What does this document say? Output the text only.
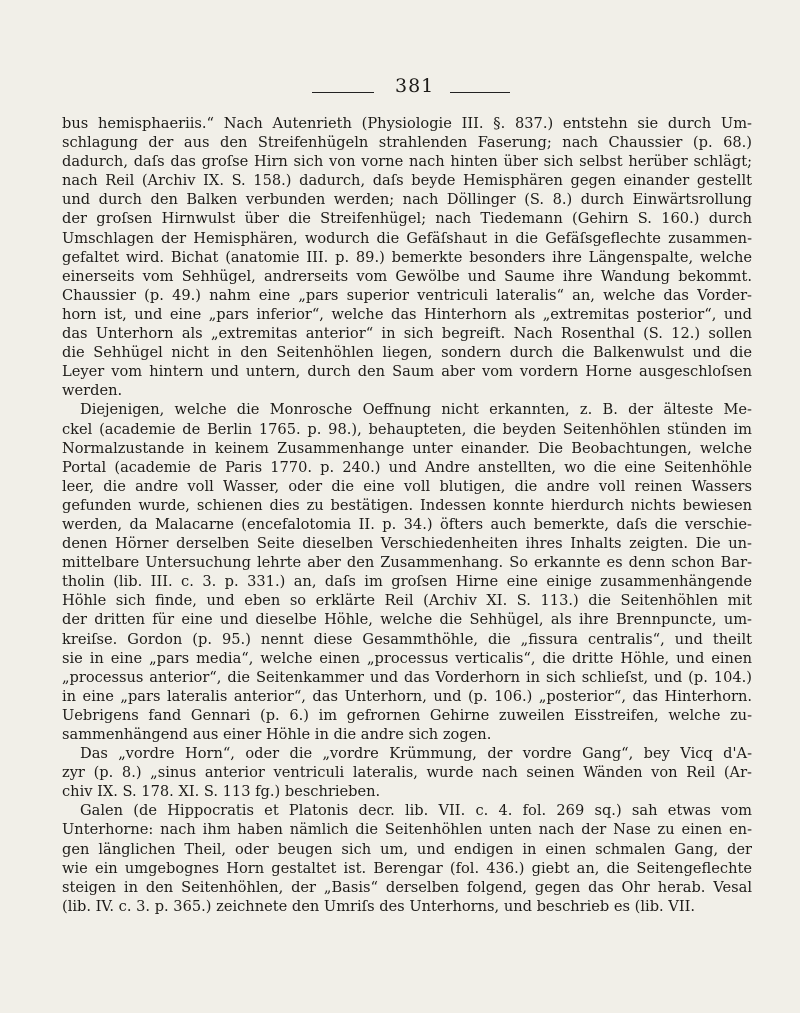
381
bus hemisphaeriis.“ Nach Autenrieth (Physiologie III. §. 837.) entstehn sie durch Um-
schlagung der aus den Streifenhügeln strahlenden Faserung; nach Chaussier (p. 68.)
dadurch, daſs das groſse Hirn sich von vorne nach hinten über sich selbst herüber schlägt;
nach Reil (Archiv IX. S. 158.) dadurch, daſs beyde Hemisphären gegen einander gestellt
und durch den Balken verbunden werden; nach Döllinger (S. 8.) durch Einwärtsrollung
der groſsen Hirnwulst über die Streifenhügel; nach Tiedemann (Gehirn S. 160.) durch
Umschlagen der Hemisphären, wodurch die Gefäſshaut in die Gefäſsgeflechte zusammen-
gefaltet wird. Bichat (anatomie III. p. 89.) bemerkte besonders ihre Längenspalte, welche
einerseits vom Sehhügel, andrerseits vom Gewölbe und Saume ihre Wandung bekommt.
Chaussier (p. 49.) nahm eine „pars superior ventriculi lateralis“ an, welche das Vorder-
horn ist, und eine „pars inferior“, welche das Hinterhorn als „extremitas posterior“, und
das Unterhorn als „extremitas anterior“ in sich begreift. Nach Rosenthal (S. 12.) sollen
die Sehhügel nicht in den Seitenhöhlen liegen, sondern durch die Balkenwulst und die
Leyer vom hintern und untern, durch den Saum aber vom vordern Horne ausgeschloſsen
werden.
Diejenigen, welche die Monrosche Oeffnung nicht erkannten, z. B. der älteste Me-
ckel (academie de Berlin 1765. p. 98.), behaupteten, die beyden Seitenhöhlen stünden im
Normalzustande in keinem Zusammenhange unter einander. Die Beobachtungen, welche
Portal (academie de Paris 1770. p. 240.) und Andre anstellten, wo die eine Seitenhöhle
leer, die andre voll Wasser, oder die eine voll blutigen, die andre voll reinen Wassers
gefunden wurde, schienen dies zu bestätigen. Indessen konnte hierdurch nichts bewiesen
werden, da Malacarne (encefalotomia II. p. 34.) öfters auch bemerkte, daſs die verschie-
denen Hörner derselben Seite dieselben Verschiedenheiten ihres Inhalts zeigten. Die un-
mittelbare Untersuchung lehrte aber den Zusammenhang. So erkannte es denn schon Bar-
tholin (lib. III. c. 3. p. 331.) an, daſs im groſsen Hirne eine einige zusammenhängende
Höhle sich finde, und eben so erklärte Reil (Archiv XI. S. 113.) die Seitenhöhlen mit
der dritten für eine und dieselbe Höhle, welche die Sehhügel, als ihre Brennpuncte, um-
kreiſse. Gordon (p. 95.) nennt diese Gesammthöhle, die „fissura centralis“, und theilt
sie in eine „pars media“, welche einen „processus verticalis“, die dritte Höhle, und einen
„processus anterior“, die Seitenkammer und das Vorderhorn in sich schlieſst, und (p. 104.)
in eine „pars lateralis anterior“, das Unterhorn, und (p. 106.) „posterior“, das Hinterhorn.
Uebrigens fand Gennari (p. 6.) im gefrornen Gehirne zuweilen Eisstreifen, welche zu-
sammenhängend aus einer Höhle in die andre sich zogen.
Das „vordre Horn“, oder die „vordre Krümmung, der vordre Gang“, bey Vicq d'A-
zyr (p. 8.) „sinus anterior ventriculi lateralis, wurde nach seinen Wänden von Reil (Ar-
chiv IX. S. 178. XI. S. 113 fg.) beschrieben.
Galen (de Hippocratis et Platonis decr. lib. VII. c. 4. fol. 269 sq.) sah etwas vom
Unterhorne: nach ihm haben nämlich die Seitenhöhlen unten nach der Nase zu einen en-
gen länglichen Theil, oder beugen sich um, und endigen in einen schmalen Gang, der
wie ein umgebognes Horn gestaltet ist. Berengar (fol. 436.) giebt an, die Seitengeflechte
steigen in den Seitenhöhlen, der „Basis“ derselben folgend, gegen das Ohr herab. Vesal
(lib. IV. c. 3. p. 365.) zeichnete den Umriſs des Unterhorns, und beschrieb es (lib. VII.
